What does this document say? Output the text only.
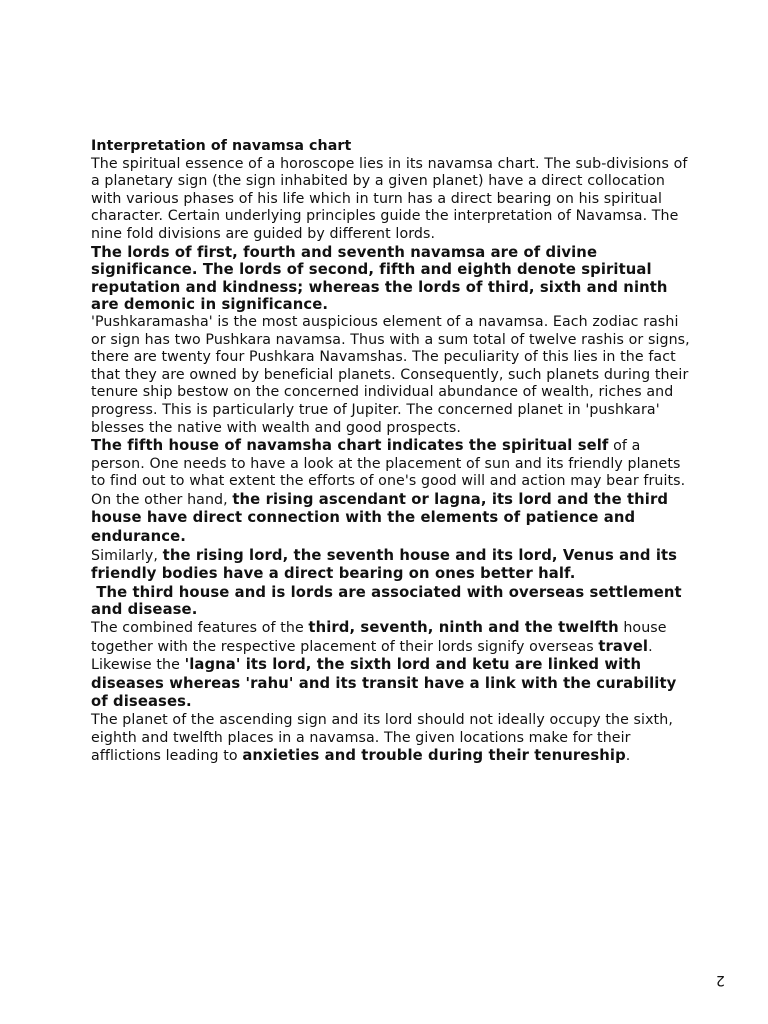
Interpretation of navamsa chart

The spiritual essence of a horoscope lies in its navamsa chart. The sub-divisions of a planetary sign (the sign inhabited by a given planet) have a direct collocation with various phases of his life which in turn has a direct bearing on his spiritual character. Certain underlying principles guide the interpretation of Navamsa. The nine fold divisions are guided by different lords.

The lords of first, fourth and seventh navamsa are of divine significance. The lords of second, fifth and eighth denote spiritual reputation and kindness; whereas the lords of third, sixth and ninth are demonic in significance.

'Pushkaramasha' is the most auspicious element of a navamsa. Each zodiac rashi or sign has two Pushkara navamsa. Thus with a sum total of twelve rashis or signs, there are twenty four Pushkara Navamshas. The peculiarity of this lies in the fact that they are owned by beneficial planets. Consequently, such planets during their tenure ship bestow on the concerned individual abundance of wealth, riches and progress. This is particularly true of Jupiter. The concerned planet in 'pushkara' blesses the native with wealth and good prospects.

The fifth house of navamsha chart indicates the spiritual self of a person. One needs to have a look at the placement of sun and its friendly planets to find out to what extent the efforts of one's good will and action may bear fruits.

On the other hand, the rising ascendant or lagna, its lord and the third house have direct connection with the elements of patience and endurance.

Similarly, the rising lord, the seventh house and its lord, Venus and its friendly bodies have a direct bearing on ones better half.

The third house and is lords are associated with overseas settlement and disease.

The combined features of the third, seventh, ninth and the twelfth house together with the respective placement of their lords signify overseas travel.

Likewise the 'lagna' its lord, the sixth lord and ketu are linked with diseases whereas 'rahu' and its transit have a link with the curability of diseases.

The planet of the ascending sign and its lord should not ideally occupy the sixth, eighth and twelfth places in a navamsa. The given locations make for their afflictions leading to anxieties and trouble during their tenureship.

2
